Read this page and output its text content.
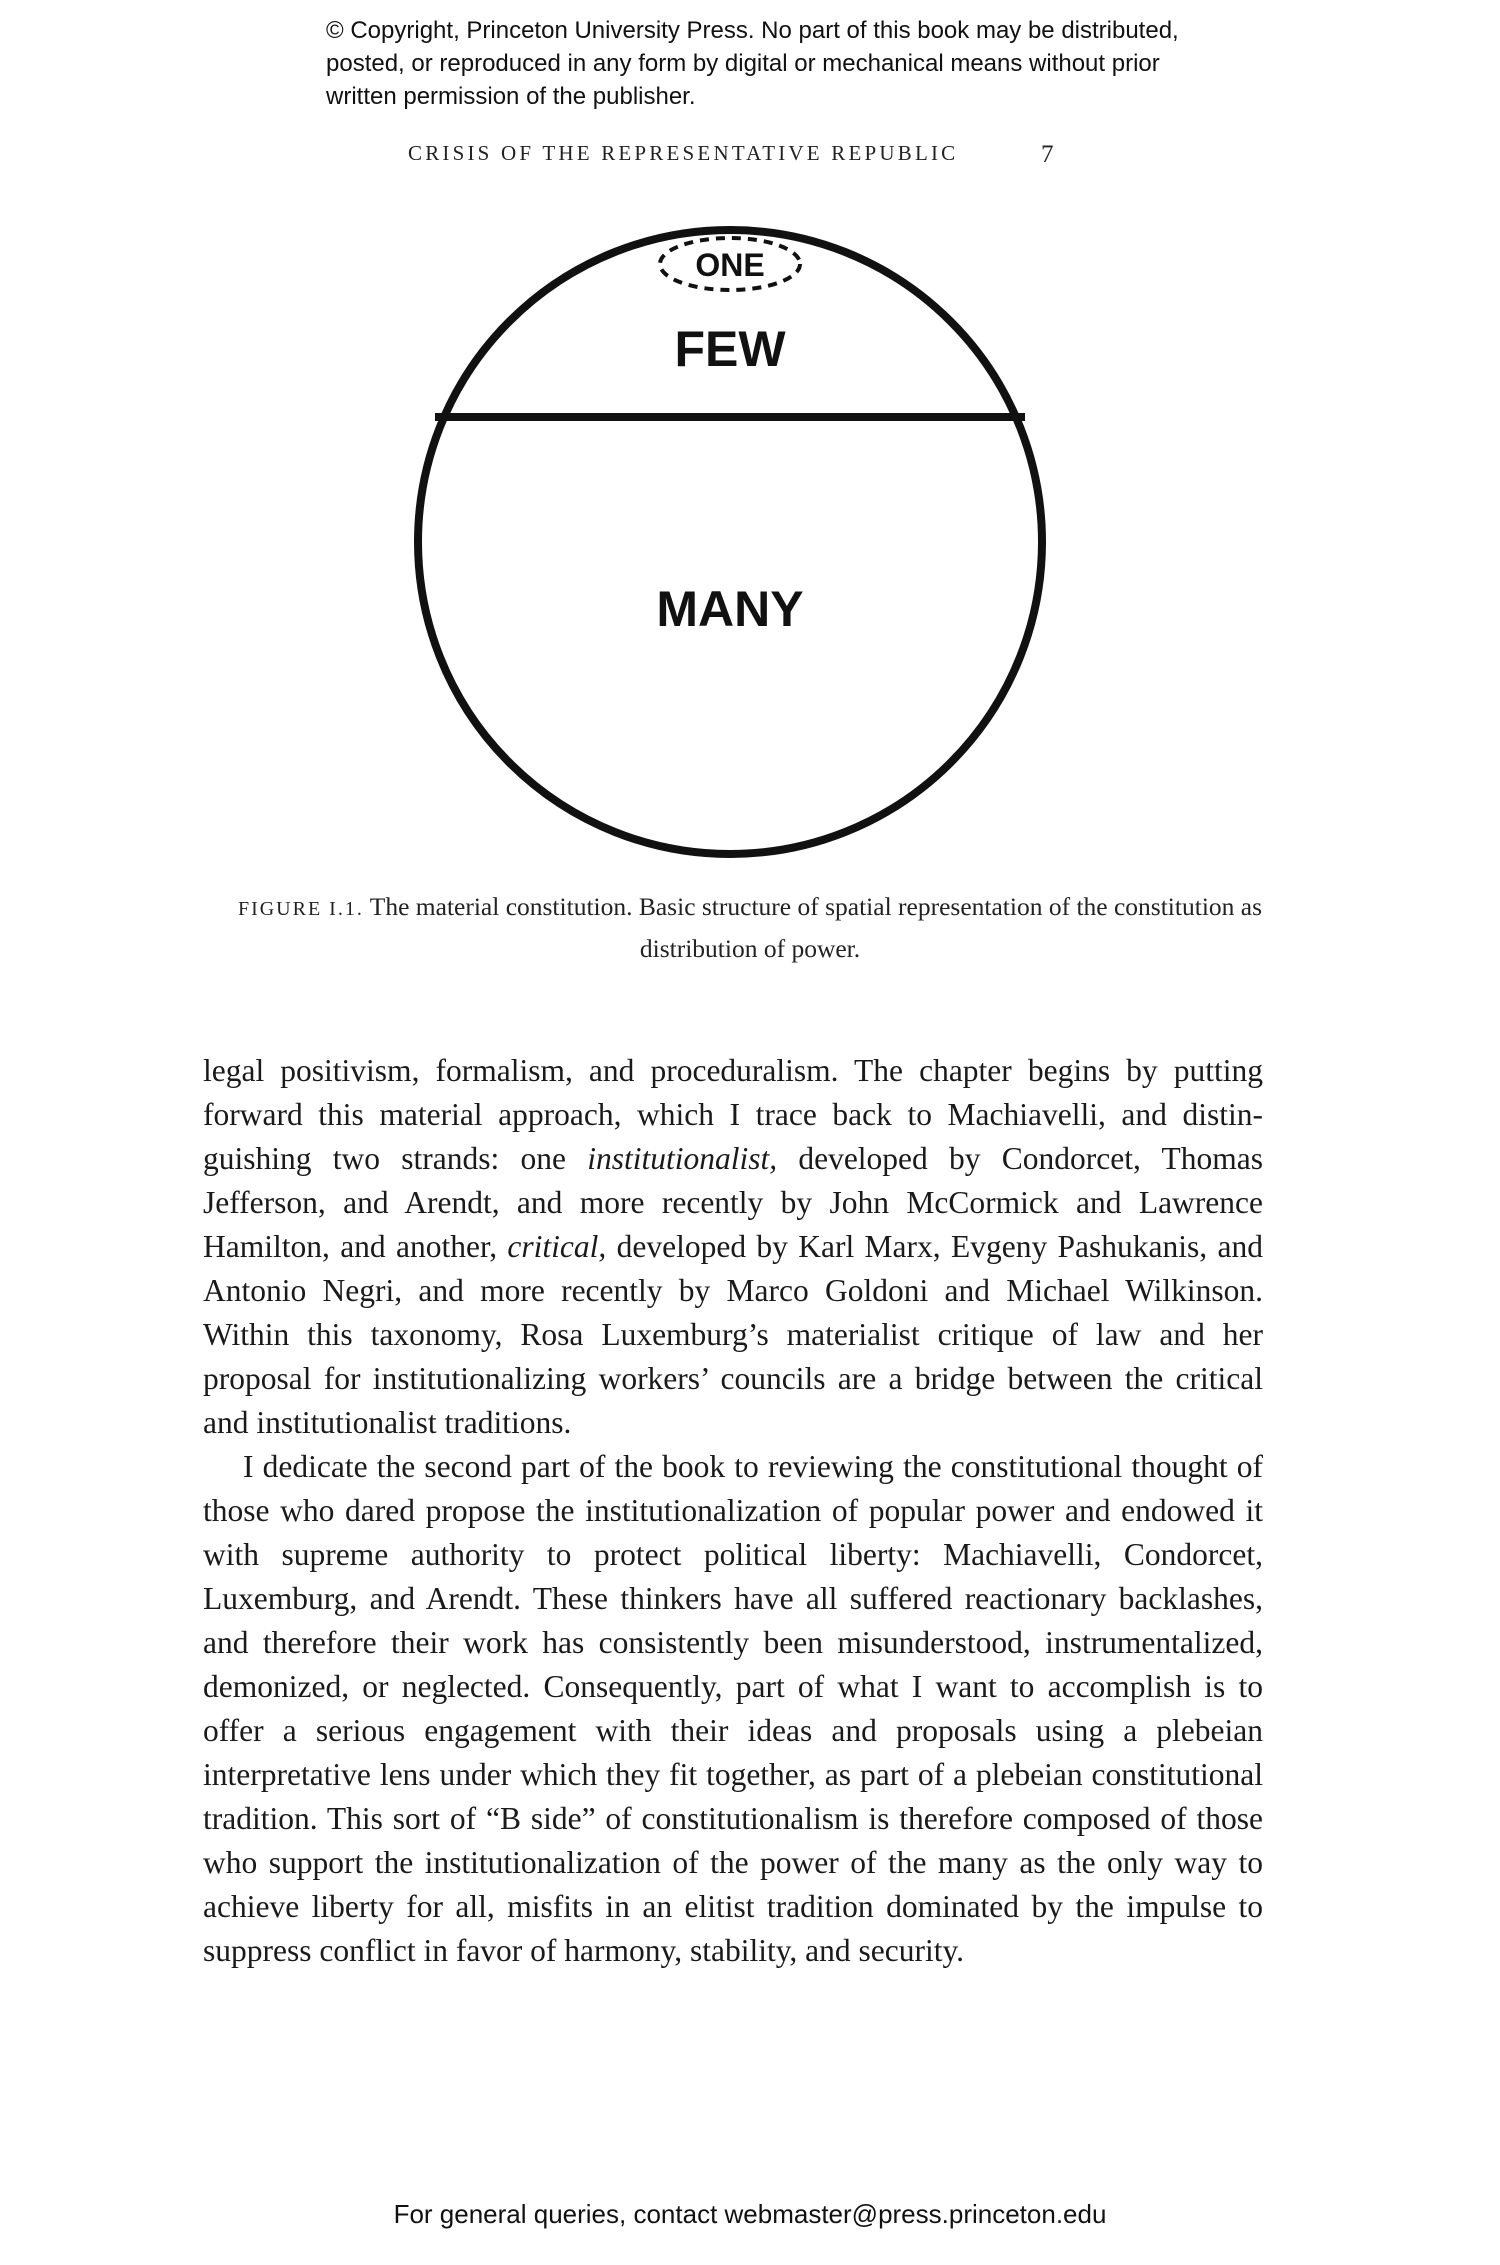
© Copyright, Princeton University Press. No part of this book may be distributed, posted, or reproduced in any form by digital or mechanical means without prior written permission of the publisher.
CRISIS OF THE REPRESENTATIVE REPUBLIC	7
ONE
FEW
MANY
FIGURE I.1. The material constitution. Basic structure of spatial representation of the constitution as distribution of power.

legal positivism, formalism, and proceduralism. The chapter begins by putting forward this material approach, which I trace back to Machiavelli, and distinguishing two strands: one institutionalist, developed by Condorcet, Thomas Jefferson, and Arendt, and more recently by John McCormick and Lawrence Hamilton, and another, critical, developed by Karl Marx, Evgeny Pashukanis, and Antonio Negri, and more recently by Marco Goldoni and Michael Wilkinson. Within this taxonomy, Rosa Luxemburg’s materialist critique of law and her proposal for institutionalizing workers’ councils are a bridge between the critical and institutionalist traditions.

I dedicate the second part of the book to reviewing the constitutional thought of those who dared propose the institutionalization of popular power and endowed it with supreme authority to protect political liberty: Machiavelli, Condorcet, Luxemburg, and Arendt. These thinkers have all suffered reactionary backlashes, and therefore their work has consistently been misunderstood, instrumentalized, demonized, or neglected. Consequently, part of what I want to accomplish is to offer a serious engagement with their ideas and proposals using a plebeian interpretative lens under which they fit together, as part of a plebeian constitutional tradition. This sort of “B side” of constitutionalism is therefore composed of those who support the institutionalization of the power of the many as the only way to achieve liberty for all, misfits in an elitist tradition dominated by the impulse to suppress conflict in favor of harmony, stability, and security.

For general queries, contact webmaster@press.princeton.edu
